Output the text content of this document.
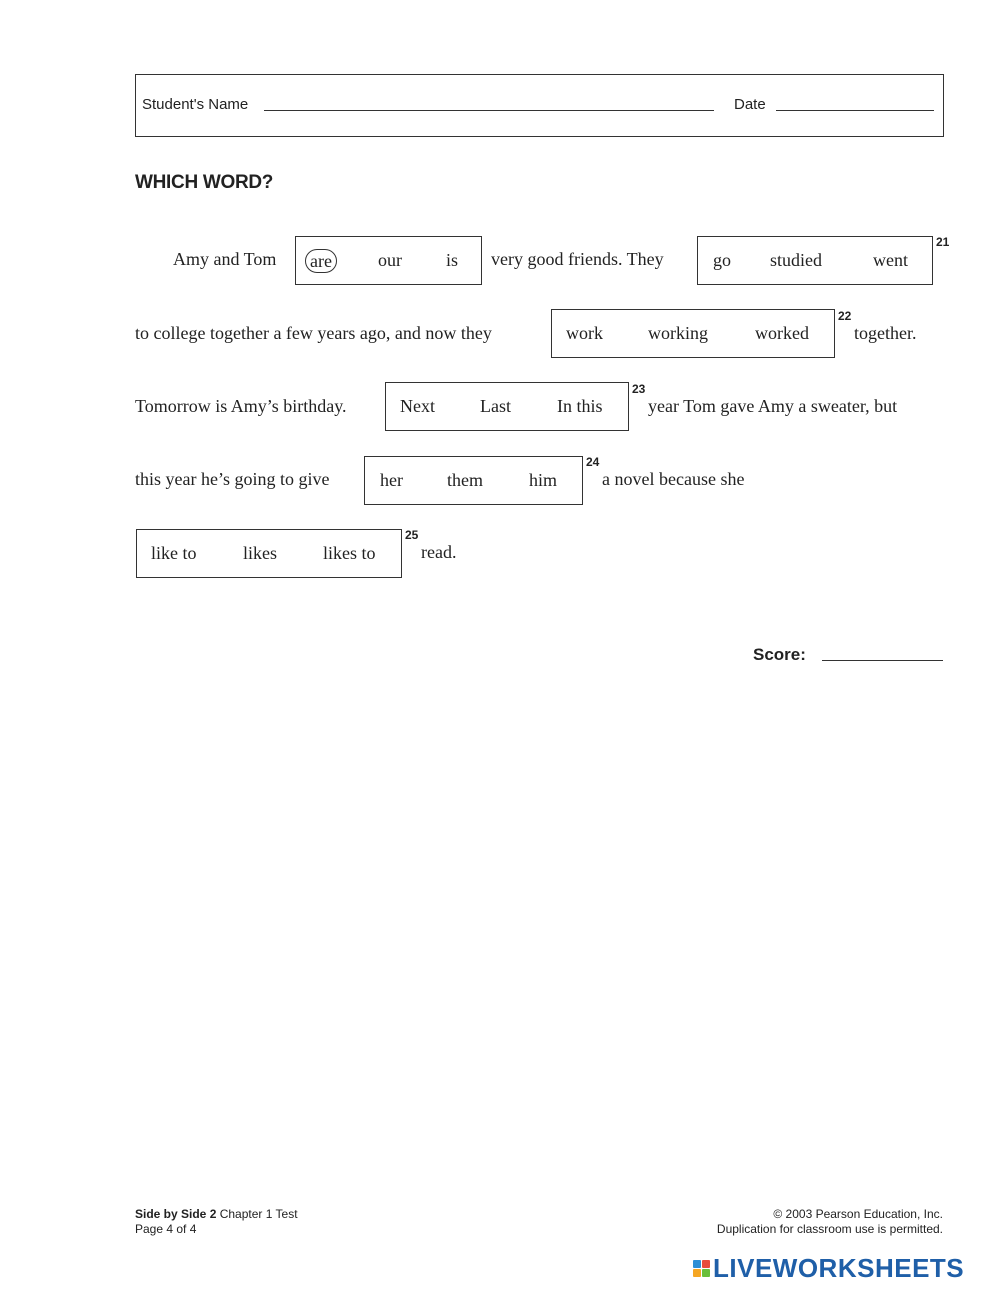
Student's Name	Date
WHICH WORD?
Amy and Tom are	our is very good friends. They	go studied	went
21
to college together a few years ago, and now they	work	working	worked
22
together.
Tomorrow is Amy’s birthday.	Next	Last	In this
23
year Tom gave Amy a sweater, but
this year he’s going to give	her them	him
24
a novel because she
like to	likes	likes to
25
read.
Score:
Side by Side 2 Chapter 1 Test
Page 4 of 4
© 2003 Pearson Education, Inc.
Duplication for classroom use is permitted.
LIVEWORKSHEETS
